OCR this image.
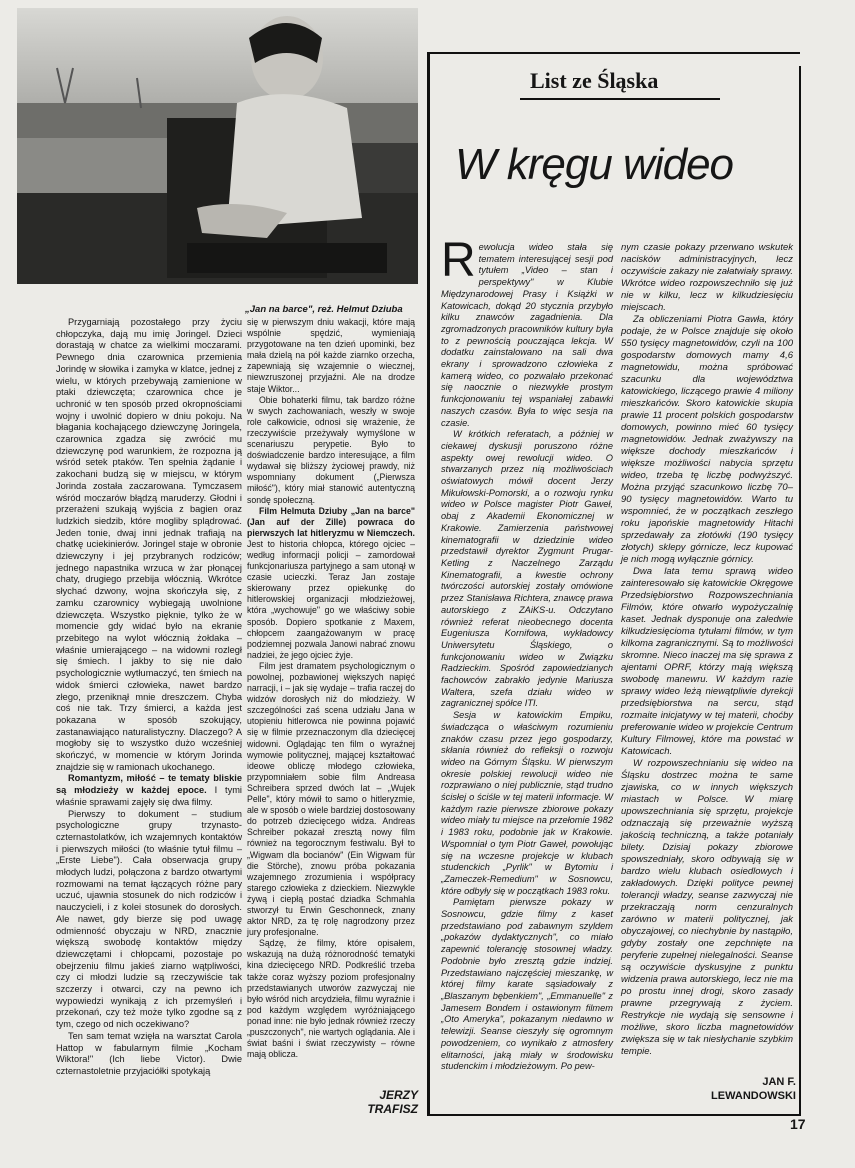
„Jan na barce", reż. Helmut Dziuba

Przygarniają pozostałego przy życiu chłopczyka, dają mu imię Joringel. Dzieci dorastają w chatce za wielkimi moczarami. Pewnego dnia czarownica przemienia Jorindę w słowika i zamyka w klatce, jednej z wielu, w których przebywają zamienione w ptaki dziewczęta; czarownica chce je uchronić w ten sposób przed okropnościami wojny i uwolnić dopiero w dniu pokoju. Na błagania kochającego dziewczynę Joringela, czarownica zgadza się zwrócić mu dziewczynę pod warunkiem, że rozpozna ją wśród setek ptaków. Ten spełnia żądanie i zakochani budzą się w miejscu, w którym Jorinda została zaczarowana. Tymczasem wśród moczarów błądzą maruderzy. Głodni i przerażeni szukają wyjścia z bagien oraz ludzkich siedzib, które mogliby splądrować. Jeden tonie, dwaj inni jednak trafiają na chatkę uciekinierów. Joringel staje w obronie dziewczyny i jej przybranych rodziców; jednego napastnika wrzuca w żar płonącej chaty, drugiego przebija włócznią. Wkrótce słychać dzwony, wojna skończyła się, z zamku czarownicy wybiegają uwolnione dziewczęta. Wszystko pięknie, tylko że w momencie gdy widać było na ekranie przebitego na wylot włócznią żołdaka – właśnie umierającego – na widowni rozległ się śmiech. I jakby to się nie dało psychologicznie wytłumaczyć, ten śmiech na widok śmierci człowieka, nawet bardzo złego, przeniknął mnie dreszczem. Chyba coś nie tak. Trzy śmierci, a każda jest pokazana w sposób szokujący, zastanawiająco naturalistyczny. Dlaczego? A mogłoby się to wszystko dużo wcześniej skończyć, w momencie w którym Jorinda znajdzie się w ramionach ukochanego.

Romantyzm, miłość – te tematy bliskie są młodzieży w każdej epoce. I tymi właśnie sprawami zajęły się dwa filmy.

Pierwszy to dokument – studium psychologiczne grupy trzynasto-czternastolatków, ich wzajemnych kontaktów i pierwszych miłości (to właśnie tytuł filmu – „Erste Liebe"). Cała obserwacja grupy młodych ludzi, połączona z bardzo otwartymi rozmowami na temat łączących różne pary uczuć, ujawnia stosunek do nich rodziców i nauczycieli, i z kolei stosunek do dorosłych. Ale nawet, gdy bierze się pod uwagę odmienność obyczaju w NRD, znacznie większą swobodę kontaktów między dziewczętami i chłopcami, pozostaje po obejrzeniu filmu jakieś ziarno wątpliwości, czy ci młodzi ludzie są rzeczywiście tak szczerzy i otwarci, czy na pewno ich wypowiedzi wynikają z ich przemyśleń i przekonań, czy też może tylko zgodne są z tym, czego od nich oczekiwano?

Ten sam temat wzięła na warsztat Carola Hattop w fabularnym filmie „Kocham Wiktora!" (Ich liebe Victor). Dwie czternastoletnie przyjaciółki spotykają

się w pierwszym dniu wakacji, które mają wspólnie spędzić, wymieniają przygotowane na ten dzień upominki, bez mała dzielą na pół każde ziarnko orzecha, zapewniają się wzajemnie o wiecznej, niewzruszonej przyjaźni. Ale na drodze staje Wiktor...

Obie bohaterki filmu, tak bardzo różne w swych zachowaniach, weszły w swoje role całkowicie, odnosi się wrażenie, że rzeczywiście przeżywały wymyślone w scenariuszu perypetie. Było to doświadczenie bardzo interesujące, a film wydawał się bliższy życiowej prawdy, niż wspomniany dokument („Pierwsza miłość"), który miał stanowić autentyczną sondę społeczną.

Film Helmuta Dziuby „Jan na barce" (Jan auf der Zille) powraca do pierwszych lat hitleryzmu w Niemczech. Jest to historia chłopca, którego ojciec – według informacji policji – zamordował funkcjonariusza partyjnego a sam utonął w czasie ucieczki. Teraz Jan zostaje skierowany przez opiekunkę do hitlerowskiej organizacji młodzieżowej, która „wychowuje" go we właściwy sobie sposób. Dopiero spotkanie z Maxem, chłopcem zaangażowanym w pracę podziemnej pozwala Janowi nabrać znowu nadziei, że jego ojciec żyje.

Film jest dramatem psychologicznym o powolnej, pozbawionej większych napięć narracji, i – jak się wydaje – trafia raczej do widzów dorosłych niż do młodzieży. W szczególności zaś scena udziału Jana w utopieniu hitlerowca nie powinna pojawić się w filmie przeznaczonym dla dziecięcej widowni. Oglądając ten film o wyraźnej wymowie politycznej, mającej kształtować ideowe obliczę młodego człowieka, przypomniałem sobie film Andreasa Schreibera sprzed dwóch lat – „Wujek Pelle", który mówił to samo o hitleryzmie, ale w sposób o wiele bardziej dostosowany do potrzeb dziecięcego widza. Andreas Schreiber pokazał zresztą nowy film również na tegorocznym festiwalu. Był to „Wigwam dla bocianów" (Ein Wigwam für die Störche), znowu próba pokazania wzajemnego zrozumienia i współpracy starego człowieka z dzieckiem. Niezwykle żywą i ciepłą postać dziadka Schmahla stworzył tu Erwin Geschonneck, znany aktor NRD, za tę rolę nagrodzony przez jury profesjonalne.

Sądzę, że filmy, które opisałem, wskazują na dużą różnorodność tematyki kina dziecięcego NRD. Podkreślić trzeba także coraz wyższy poziom profesjonalny przedstawianych utworów zazwyczaj nie było wśród nich arcydzieła, filmu wyraźnie i pod każdym względem wyróżniającego ponad inne: nie było jednak również rzeczy „puszczonych", nie wartych oglądania. Ale i świat baśni i świat rzeczywisty – równe mają oblicza.

JERZY
TRAFISZ
List ze Śląska
W kręgu wideo

Rewolucja wideo stała się tematem interesującej sesji pod tytułem „Video – stan i perspektywy" w Klubie Międzynarodowej Prasy i Książki w Katowicach, dokąd 20 stycznia przybyło kilku znawców zagadnienia. Dla zgromadzonych pracowników kultury była to z pewnością pouczająca lekcja. W dodatku zainstalowano na sali dwa ekrany i sprowadzono człowieka z kamerą wideo, co pozwalało przekonać się naocznie o niezwykłe prostym funkcjonowaniu tej wspaniałej zabawki naszych czasów. Była to więc sesja na czasie.

W krótkich referatach, a później w ciekawej dyskusji poruszono różne aspekty owej rewolucji wideo. O stwarzanych przez nią możliwościach oświatowych mówił docent Jerzy Mikułowski-Pomorski, a o rozwoju rynku wideo w Polsce magister Piotr Gaweł, obaj z Akademii Ekonomicznej w Krakowie. Zamierzenia państwowej kinematografii w dziedzinie wideo przedstawił dyrektor Zygmunt Prugar-Ketling z Naczelnego Zarządu Kinematografii, a kwestie ochrony twórczości autorskiej zostały omówione przez Stanisława Richtera, znawcę prawa autorskiego z ZAiKS-u. Odczytano również referat nieobecnego docenta Eugeniusza Kornifowa, wykładowcy Uniwersytetu Śląskiego, o funkcjonowaniu wideo w Związku Radzieckim. Spośród zapowiedzianych fachowców zabrakło jedynie Mariusza Waltera, szefa działu wideo w zagranicznej spółce ITI.

Sesja w katowickim Empiku, świadcząca o właściwym rozumieniu znaków czasu przez jego gospodarzy, skłania również do refleksji o rozwoju wideo na Górnym Śląsku. W pierwszym okresie polskiej rewolucji wideo nie rozprawiano o niej publicznie, stąd trudno ścisłej o ściśle w tej materii informacje. W każdym razie pierwsze zbiorowe pokazy wideo miały tu miejsce na przełomie 1982 i 1983 roku, podobnie jak w Krakowie. Wspomniał o tym Piotr Gaweł, powołując się na wczesne projekcje w klubach studenckich „Pyrlik" w Bytomiu i „Zameczek-Remedium" w Sosnowcu, które odbyły się w początkach 1983 roku.

Pamiętam pierwsze pokazy w Sosnowcu, gdzie filmy z kaset przedstawiano pod zabawnym szyldem „pokazów dydaktycznych", co miało zapewnić tolerancję stosownej władzy. Podobnie było zresztą gdzie indziej. Przedstawiano najczęściej mieszankę, w której filmy karate sąsiadowały z „Blaszanym bębenkiem", „Emmanuelle" z Jamesem Bondem i ostawionym filmem „Oto Ameryka", pokazanym niedawno w telewizji. Seanse cieszyły się ogromnym powodzeniem, co wynikało z atmosfery elitarności, jaką miały w środowisku studenckim i młodzieżowym. Po pew-

nym czasie pokazy przerwano wskutek nacisków administracyjnych, lecz oczywiście zakazy nie załatwiały sprawy. Wkrótce wideo rozpowszechniło się już nie w kilku, lecz w kilkudziesięciu miejscach.

Za obliczeniami Piotra Gawła, który podaje, że w Polsce znajduje się około 550 tysięcy magnetowidów, czyli na 100 gospodarstw domowych mamy 4,6 magnetowidu, można spróbować szacunku dla województwa katowickiego, liczącego prawie 4 miliony mieszkańców. Skoro katowickie skupia prawie 11 procent polskich gospodarstw domowych, powinno mieć 60 tysięcy magnetowidów. Jednak zważywszy na większe dochody mieszkańców i większe możliwości nabycia sprzętu wideo, trzeba tę liczbę podwyższyć. Można przyjąć szacunkowo liczbę 70–90 tysięcy magnetowidów. Warto tu wspomnieć, że w początkach zeszłego roku japońskie magnetowidy Hitachi sprzedawały za złotówki (190 tysięcy złotych) sklepy górnicze, lecz kupować je nich mogą wyłącznie górnicy.

Dwa lata temu sprawą wideo zainteresowało się katowickie Okręgowe Przedsiębiorstwo Rozpowszechniania Filmów, które otwarło wypożyczalnię kaset. Jednak dysponuje ona zaledwie kilkudziesięcioma tytułami filmów, w tym kilkoma zagranicznymi. Są to możliwości skromne. Nieco inaczej ma się sprawa z ajentami OPRF, którzy mają większą swobodę manewru. W każdym razie sprawy wideo leżą niewątpliwie dyrekcji przedsiębiorstwa na sercu, stąd rozmaite inicjatywy w tej materii, choćby preferowanie wideo w projekcie Centrum Kultury Filmowej, które ma powstać w Katowicach.

W rozpowszechnianiu się wideo na Śląsku dostrzec można te same zjawiska, co w innych większych miastach w Polsce. W miarę upowszechniania się sprzętu, projekcje odznaczają się przeważnie wyższą jakością techniczną, a także potaniały bilety. Dzisiaj pokazy zbiorowe spowszedniały, skoro odbywają się w bardzo wielu klubach osiedlowych i zakładowych. Dzięki polityce pewnej tolerancji władzy, seanse zazwyczaj nie przekraczają norm cenzuralnych zarówno w materii politycznej, jak obyczajowej, co niechybnie by nastąpiło, gdyby zostały one zepchnięte na peryferie zupełnej nielegalności. Seanse są oczywiście dyskusyjne z punktu widzenia prawa autorskiego, lecz nie ma po prostu innej drogi, skoro zasady prawne przegrywają z życiem. Restrykcje nie wydają się sensowne i możliwe, skoro liczba magnetowidów zwiększa się w tak niesłychanie szybkim tempie.

JAN F.
LEWANDOWSKI
17
